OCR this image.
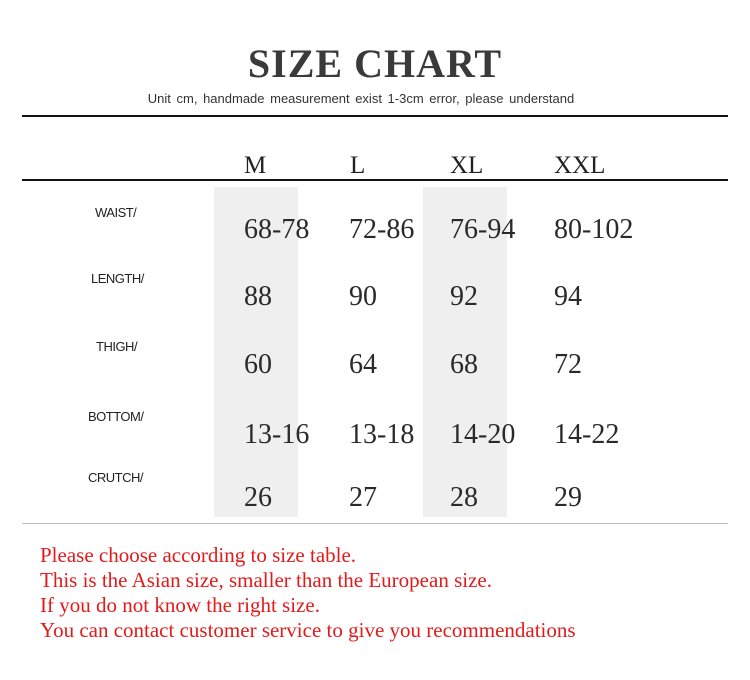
SIZE CHART
Unit cm, handmade measurement exist 1-3cm error, please understand
M	L	XL	XXL
WAIST/
68-78 72-86 76-94 80-102
LENGTH/
88	90	92	94
THIGH/
60	64	68	72
BOTTOM/
13-16 13-18 14-20 14-22
CRUTCH/
26	27	28	29
Please choose according to size table.
This is the Asian size, smaller than the European size.
If you do not know the right size.
You can contact customer service to give you recommendations
